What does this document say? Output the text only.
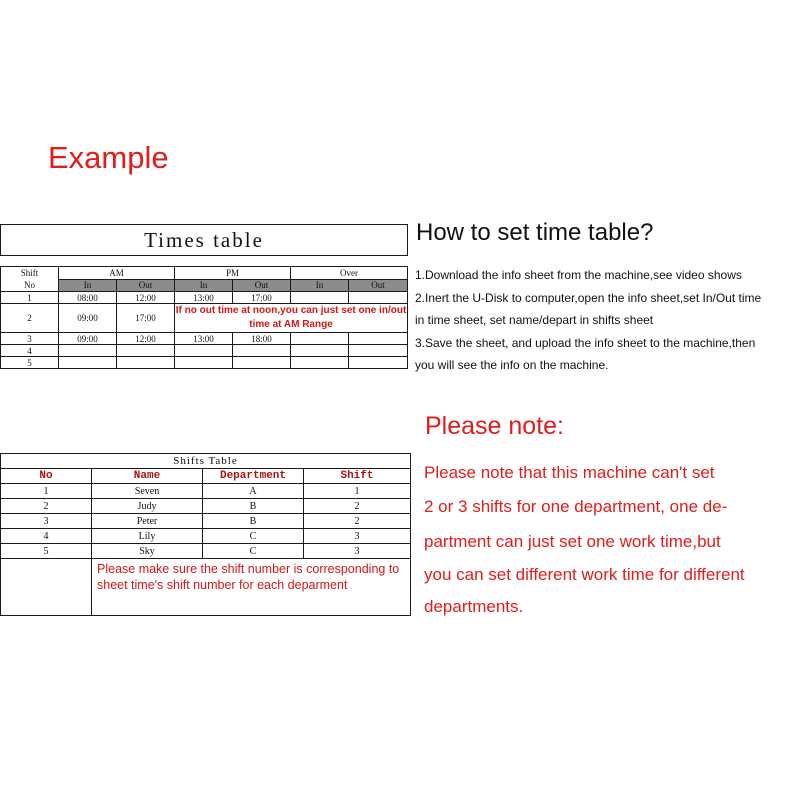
Example
Times table						

Shift
No	AM		PM		Over	
	In	Out	In	Out	In	Out
1	08:00	12:00	13:00	17:00		
2	09:00	17:00	If no out time at noon,you can just set one in/out time at AM Range			
3	09:00	12:00	13:00	18:00		
4						
5						
Shifts Table			
No	Name	Department	Shift
1	Seven	A	1
2	Judy	B	2
3	Peter	B	2
4	Lily	C	3
5	Sky	C	3
	Please make sure the shift number is corresponding to sheet time's shift number for each deparment		
How to set time table?
1.Download the info sheet from the machine,see video shows
2.Inert the U-Disk to computer,open the info sheet,set In/Out time
in time sheet, set name/depart in shifts sheet
3.Save the sheet, and upload the info sheet to the machine,then
you will see the info on the machine.
Please note:
Please note that this machine can't set
2 or 3 shifts for one department, one de-
partment can just set one work time,but
you can set different work time for different
departments.
